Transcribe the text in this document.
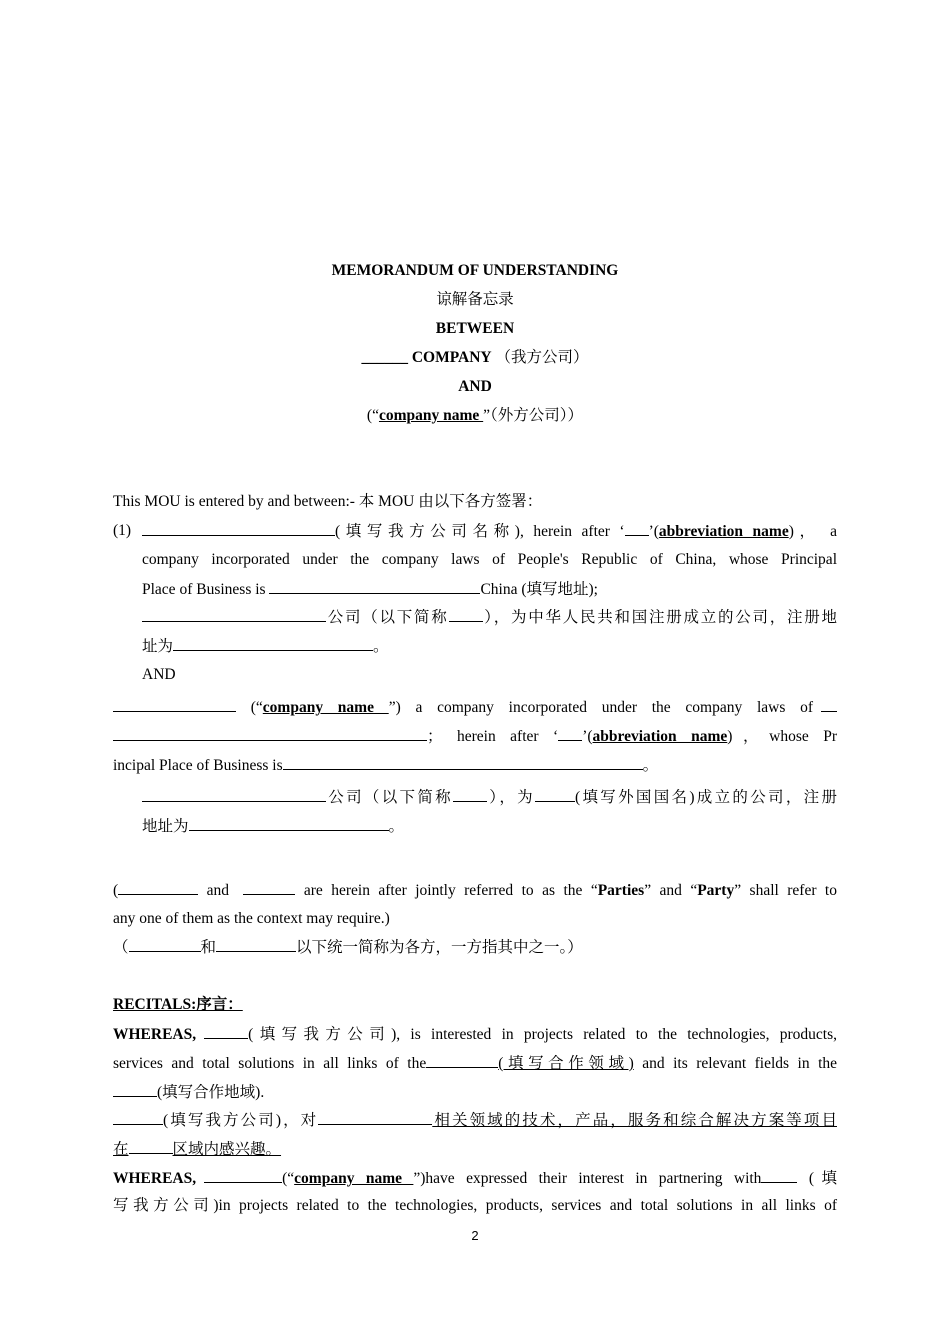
MEMORANDUM OF UNDERSTANDING
谅解备忘录
BETWEEN
______ COMPANY （我方公司）
AND
(“company name ”（外方公司））
This MOU is entered by and between:- 本 MOU 由以下各方签署：
(1)	(填写我方公司名称), herein after ‘ ’(abbreviation name)， a
company incorporated under the company laws of People's Republic of China, whose Principal
Place of Business is	China (填写地址);
公司（以下简称 ），为中华人民共和国注册成立的公司，注册地
址为	。
AND
(“company name ”) a company incorporated under the company laws of
； herein after ‘ ’(abbreviation name)，whose Pr
incipal Place of Business is	。
公司（以下简称 ），为	(填写外国国名)成立的公司，注册
地址为	。
(	and	are herein after jointly referred to as the “Parties” and “Party” shall refer to
any one of them as the context may require.)
（	和	以下统一简称为各方，一方指其中之一。）
RECITALS:序言：
WHEREAS,	(填写我方公司), is interested in projects related to the technologies, products,
services and total solutions in all links of the	(填写合作领域) and its relevant fields in the
(填写合作地域).
(填写我方公司)，对	相关领域的技术，产品，服务和综合解决方案等项目
在	区域内感兴趣。
WHEREAS,	(“company name ”)have expressed their interest in partnering with (填
写我方公司)in projects related to the technologies, products, services and total solutions in all links of
2
